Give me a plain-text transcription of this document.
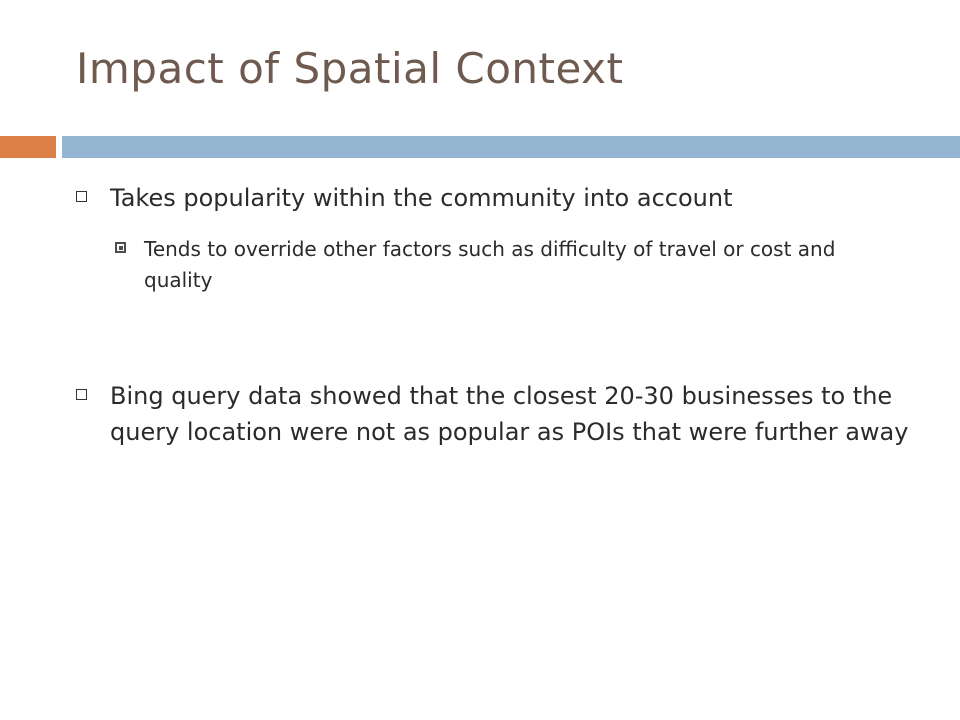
Impact of Spatial Context
Takes popularity within the community into account
Tends to override other factors such as difficulty of travel or cost and quality
Bing query data showed that the closest 20-30 businesses to the query location were not as popular as POIs that were further away
